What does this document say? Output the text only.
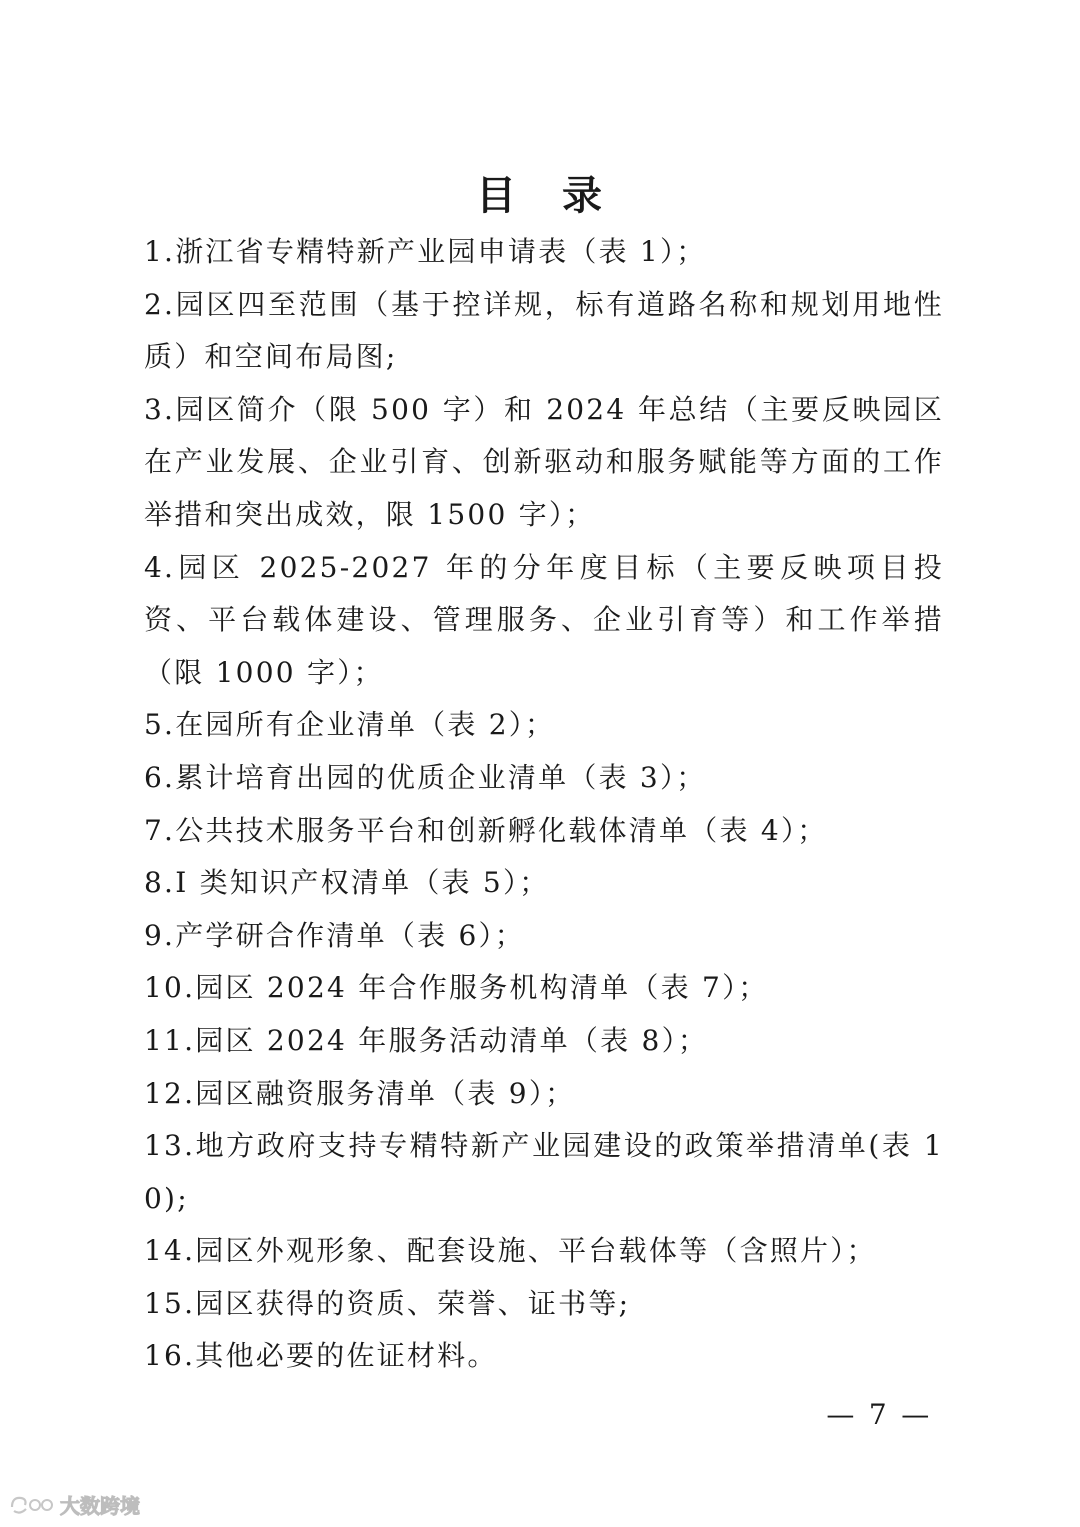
目 录
1.浙江省专精特新产业园申请表（表 1）；
2.园区四至范围（基于控详规，标有道路名称和规划用地性质）和空间布局图;
3.园区简介（限 500 字）和 2024 年总结（主要反映园区在产业发展、企业引育、创新驱动和服务赋能等方面的工作举措和突出成效，限 1500 字）；
4.园区 2025-2027 年的分年度目标（主要反映项目投资、平台载体建设、管理服务、企业引育等）和工作举措（限 1000 字）；
5.在园所有企业清单（表 2）；
6.累计培育出园的优质企业清单（表 3）；
7.公共技术服务平台和创新孵化载体清单（表 4）；
8.I 类知识产权清单（表 5）；
9.产学研合作清单（表 6）；
10.园区 2024 年合作服务机构清单（表 7）；
11.园区 2024 年服务活动清单（表 8）；
12.园区融资服务清单（表 9）；
13.地方政府支持专精特新产业园建设的政策举措清单(表 10);
14.园区外观形象、配套设施、平台载体等（含照片）；
15.园区获得的资质、荣誉、证书等;
16.其他必要的佐证材料。
— 7 —
大数跨境
